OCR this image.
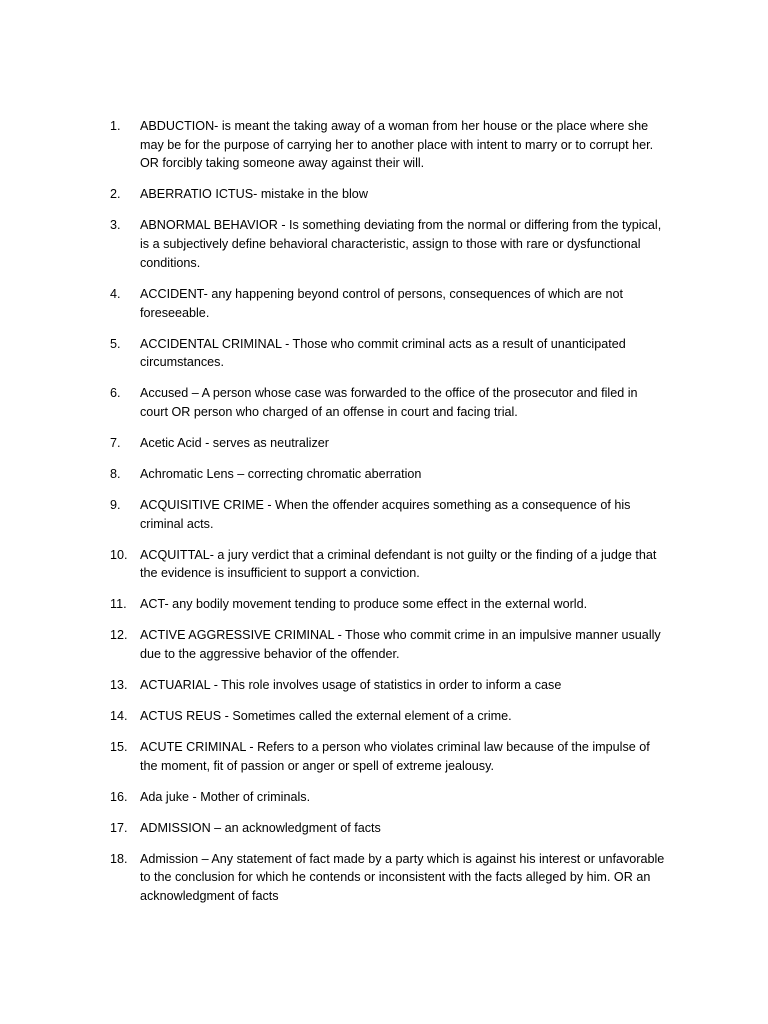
1.	ABDUCTION- is meant the taking away of a woman from her house or the place where she may be for the purpose of carrying her to another place with intent to marry or to corrupt her. OR forcibly taking someone away against their will.
2.	ABERRATIO ICTUS- mistake in the blow
3.	ABNORMAL BEHAVIOR - Is something deviating from the normal or differing from the typical, is a subjectively define behavioral characteristic, assign to those with rare or dysfunctional conditions.
4.	ACCIDENT- any happening beyond control of persons, consequences of which are not foreseeable.
5.	ACCIDENTAL CRIMINAL - Those who commit criminal acts as a result of unanticipated circumstances.
6.	Accused – A person whose case was forwarded to the office of the prosecutor and filed in court OR person who charged of an offense in court and facing trial.
7.	Acetic Acid - serves as neutralizer
8.	Achromatic Lens – correcting chromatic aberration
9.	ACQUISITIVE CRIME - When the offender acquires something as a consequence of his criminal acts.
10. ACQUITTAL- a jury verdict that a criminal defendant is not guilty or the finding of a judge that the evidence is insufficient to support a conviction.
11.	ACT- any bodily movement tending to produce some effect in the external world.
12. ACTIVE AGGRESSIVE CRIMINAL - Those who commit crime in an impulsive manner usually due to the aggressive behavior of the offender.
13. ACTUARIAL - This role involves usage of statistics in order to inform a case
14. ACTUS REUS - Sometimes called the external element of a crime.
15. ACUTE CRIMINAL - Refers to a person who violates criminal law because of the impulse of the moment, fit of passion or anger or spell of extreme jealousy.
16. Ada juke - Mother of criminals.
17. ADMISSION – an acknowledgment of facts
18. Admission – Any statement of fact made by a party which is against his interest or unfavorable to the conclusion for which he contends or inconsistent with the facts alleged by him. OR an acknowledgment of facts
